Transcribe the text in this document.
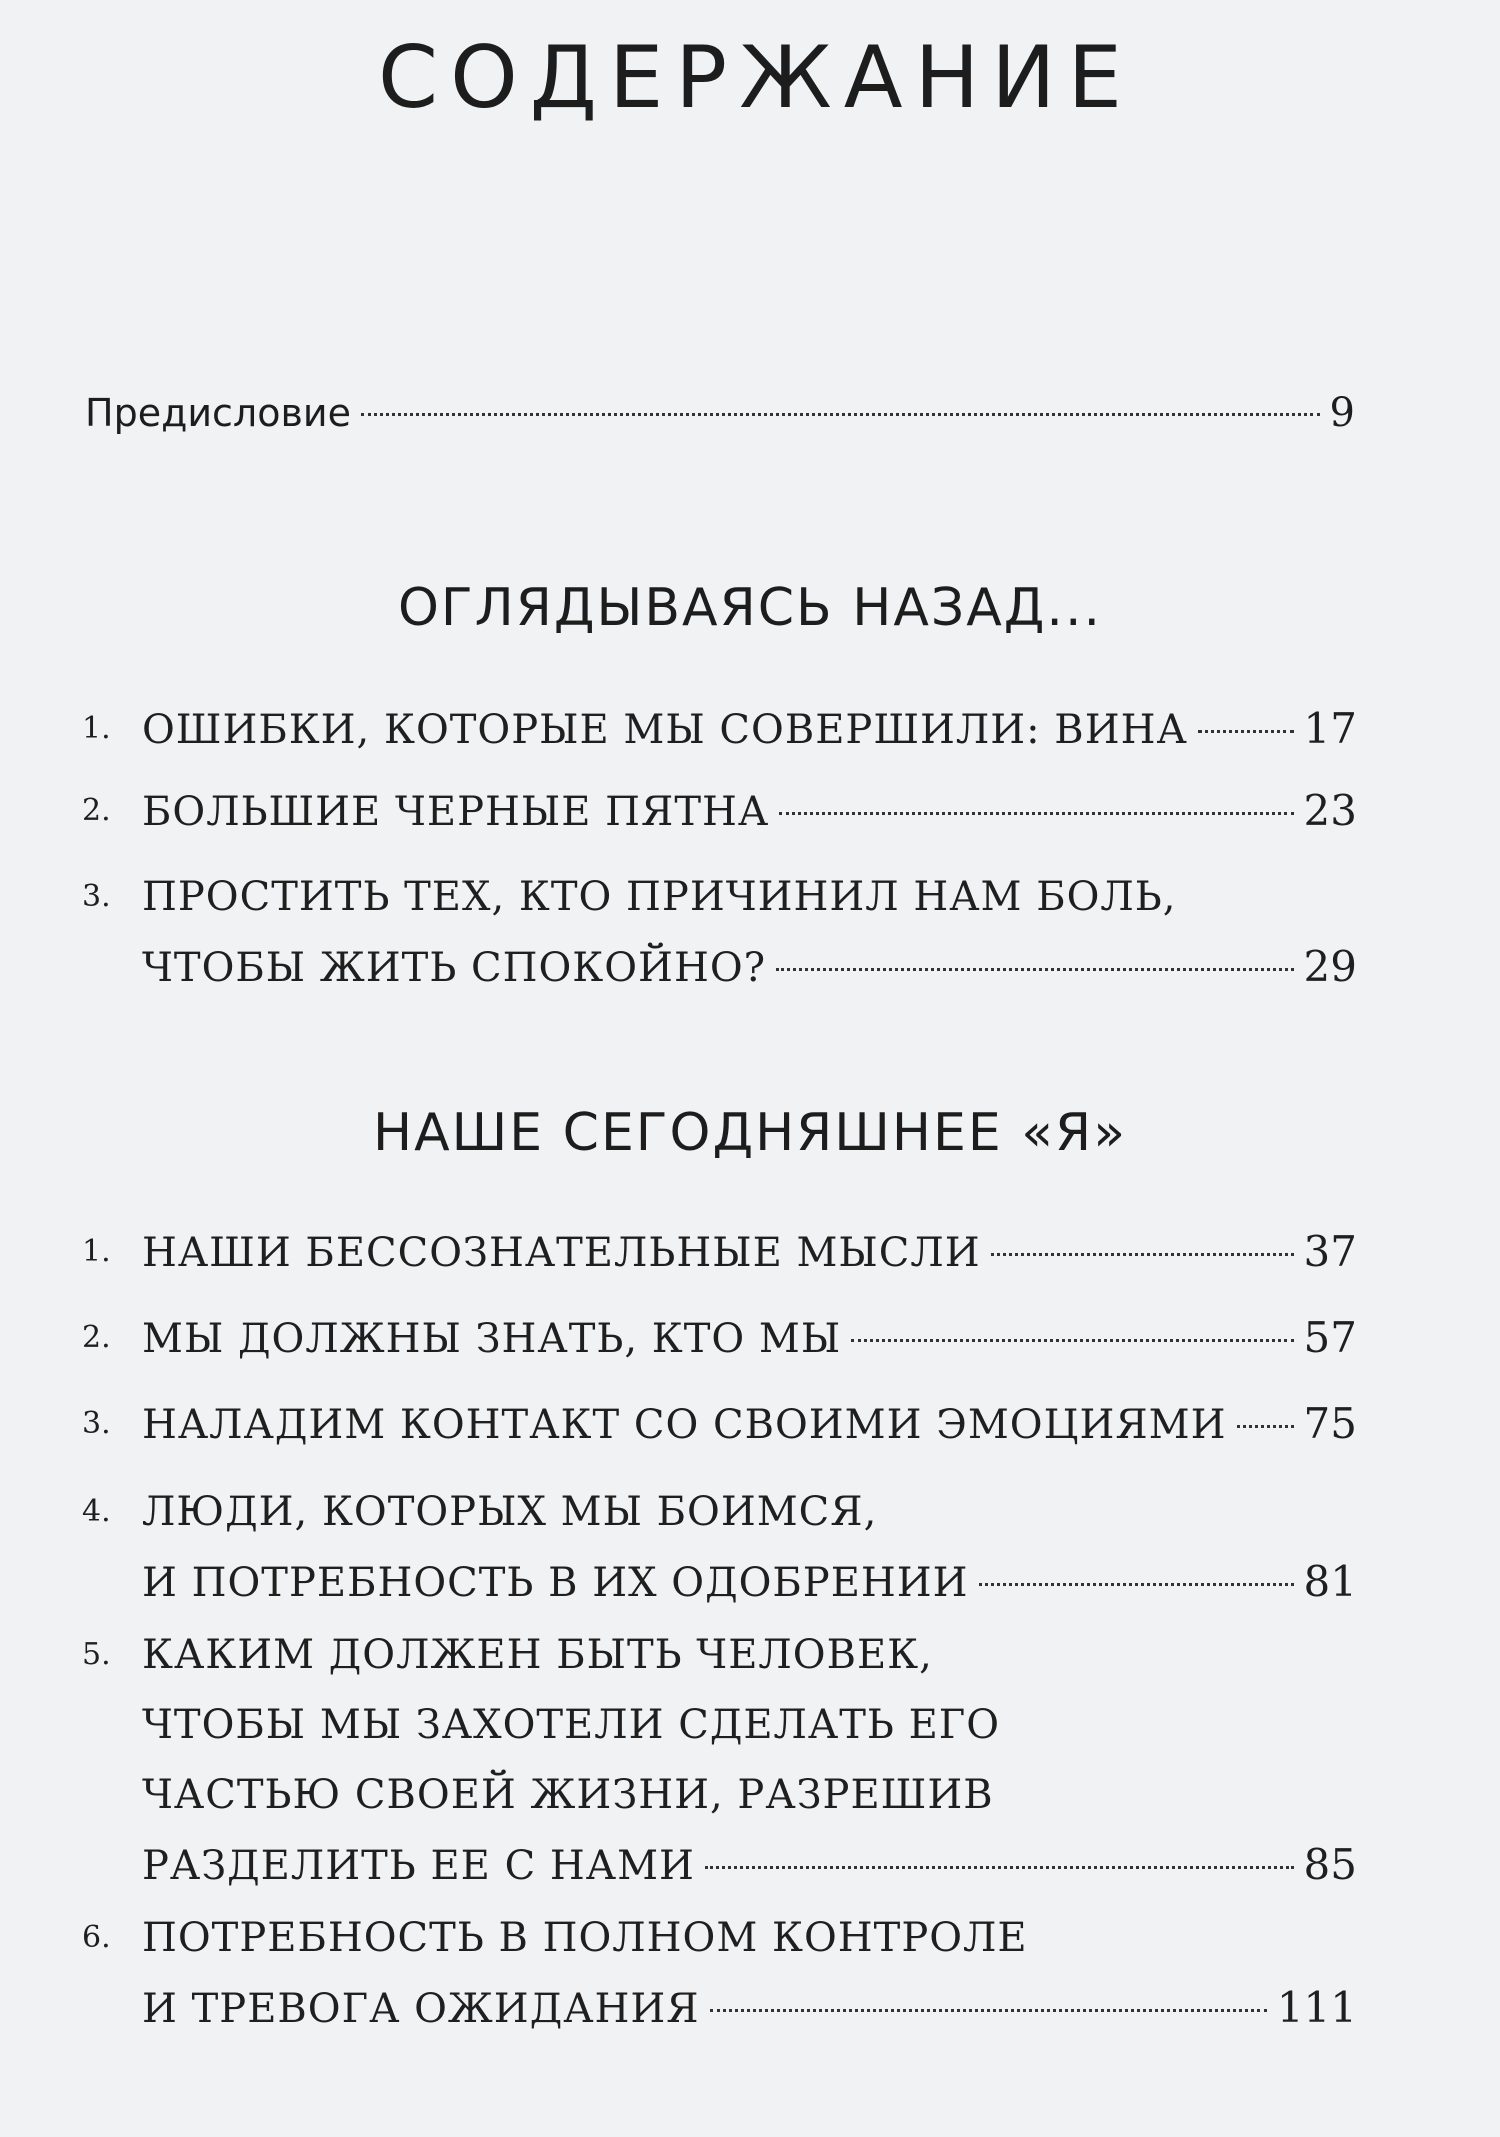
СОДЕРЖАНИЕ
Предисловие	9
ОГЛЯДЫВАЯСЬ НАЗАД...
1. ОШИБКИ, КОТОРЫЕ МЫ СОВЕРШИЛИ: ВИНА	17
2. БОЛЬШИЕ ЧЕРНЫЕ ПЯТНА	23
3. ПРОСТИТЬ ТЕХ, КТО ПРИЧИНИЛ НАМ БОЛЬ,
ЧТОБЫ ЖИТЬ СПОКОЙНО?	29
НАШЕ СЕГОДНЯШНЕЕ «Я»
1. НАШИ БЕССОЗНАТЕЛЬНЫЕ МЫСЛИ	37
2. МЫ ДОЛЖНЫ ЗНАТЬ, КТО МЫ	57
3. НАЛАДИМ КОНТАКТ СО СВОИМИ ЭМОЦИЯМИ 75
4. ЛЮДИ, КОТОРЫХ МЫ БОИМСЯ,
И ПОТРЕБНОСТЬ В ИХ ОДОБРЕНИИ	81
5. КАКИМ ДОЛЖЕН БЫТЬ ЧЕЛОВЕК,
ЧТОБЫ МЫ ЗАХОТЕЛИ СДЕЛАТЬ ЕГО
ЧАСТЬЮ СВОЕЙ ЖИЗНИ, РАЗРЕШИВ
РАЗДЕЛИТЬ ЕЕ С НАМИ	85
6. ПОТРЕБНОСТЬ В ПОЛНОМ КОНТРОЛЕ
И ТРЕВОГА ОЖИДАНИЯ	111
